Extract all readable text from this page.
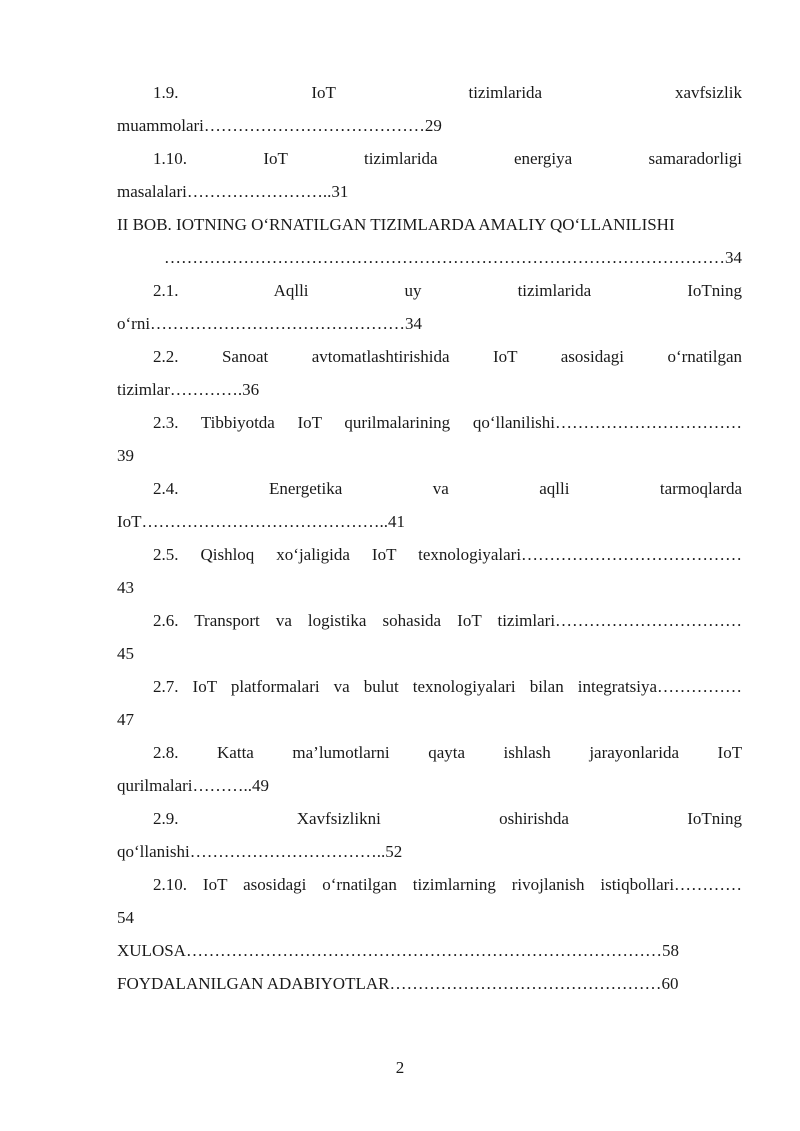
1.9.	IoT	tizimlarida	xavfsizlik
muammolari…………………………………29
1.10.	IoT	tizimlarida	energiya	samaradorligi
masalalari……………………..31
II BOB. IOTNING O‘RNATILGAN TIZIMLARDA AMALIY QO‘LLANILISHI
………………………………………………………………………………………34
2.1.	Aqlli	uy	tizimlarida	IoTning
o‘rni………………………………………34
2.2.	Sanoat	avtomatlashtirishida	IoT	asosidagi	o‘rnatilgan
tizimlar………….36
2.3. Tibbiyotda IoT qurilmalarining qo‘llanilishi……………………………
39
2.4.	Energetika	va	aqlli	tarmoqlarda
IoT……………………………………..41
2.5. Qishloq xo‘jaligida IoT texnologiyalari…………………………………
43
2.6. Transport va logistika sohasida IoT tizimlari……………………………
45
2.7. IoT platformalari va bulut texnologiyalari bilan integratsiya……………
47
2.8. Katta ma’lumotlarni qayta ishlash jarayonlarida IoT
qurilmalari………..49
2.9.	Xavfsizlikni	oshirishda	IoTning
qo‘llanishi……………………………..52
2.10. IoT asosidagi o‘rnatilgan tizimlarning rivojlanish istiqbollari…………
54
XULOSA…………………………………………………………………………58
FOYDALANILGAN ADABIYOTLAR…………………………………………60
2
